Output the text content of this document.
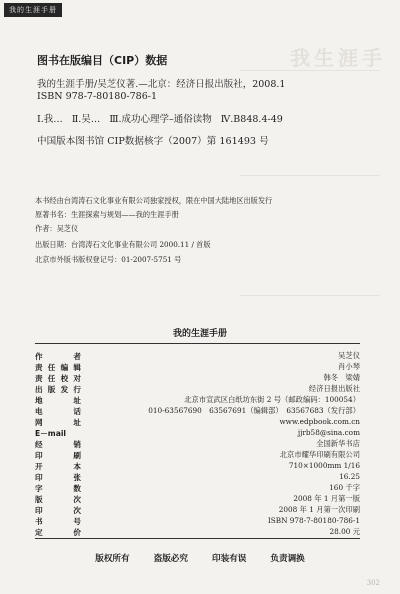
我的生涯手册
我生涯手
图书在版编目（CIP）数据
我的生涯手册/吴芝仪著.—北京：经济日报出版社，2008.1
ISBN 978-7-80180-786-1
Ⅰ.我… Ⅱ.吴… Ⅲ.成功心理学–通俗读物 Ⅳ.B848.4-49
中国版本图书馆 CIP数据核字（2007）第 161493 号
本书经由台湾涛石文化事业有限公司独家授权，限在中国大陆地区出版发行
原著书名：生涯探索与规划——我的生涯手册
作者：吴芝仪
出版日期：台湾涛石文化事业有限公司 2000.11 / 首版
北京市外版书版权登记号：01-2007-5751 号
我的生涯手册
作	者	吴芝仪
责 任 编 辑	肖小琴
责 任 校 对	韩冬　梁婧
出 版 发 行	经济日报出版社
地	址	北京市宣武区白纸坊东街 2 号（邮政编码：100054）
电	话	010-63567690　63567691（编辑部）　63567683（发行部）
网	址	www.edpbook.com.cn
E－mail	jjrb58@sina.com
经	销	全国新华书店
印	刷	北京市耀华印刷有限公司
开	本	710×1000mm 1/16
印	张	16.25
字	数	160 千字
版	次	2008 年 1 月第一版
印	次	2008 年 1 月第一次印刷
书	号	ISBN 978-7-80180-786-1
定	价	28.00 元
版权所有	盗版必究	印装有误	负责调换
302
